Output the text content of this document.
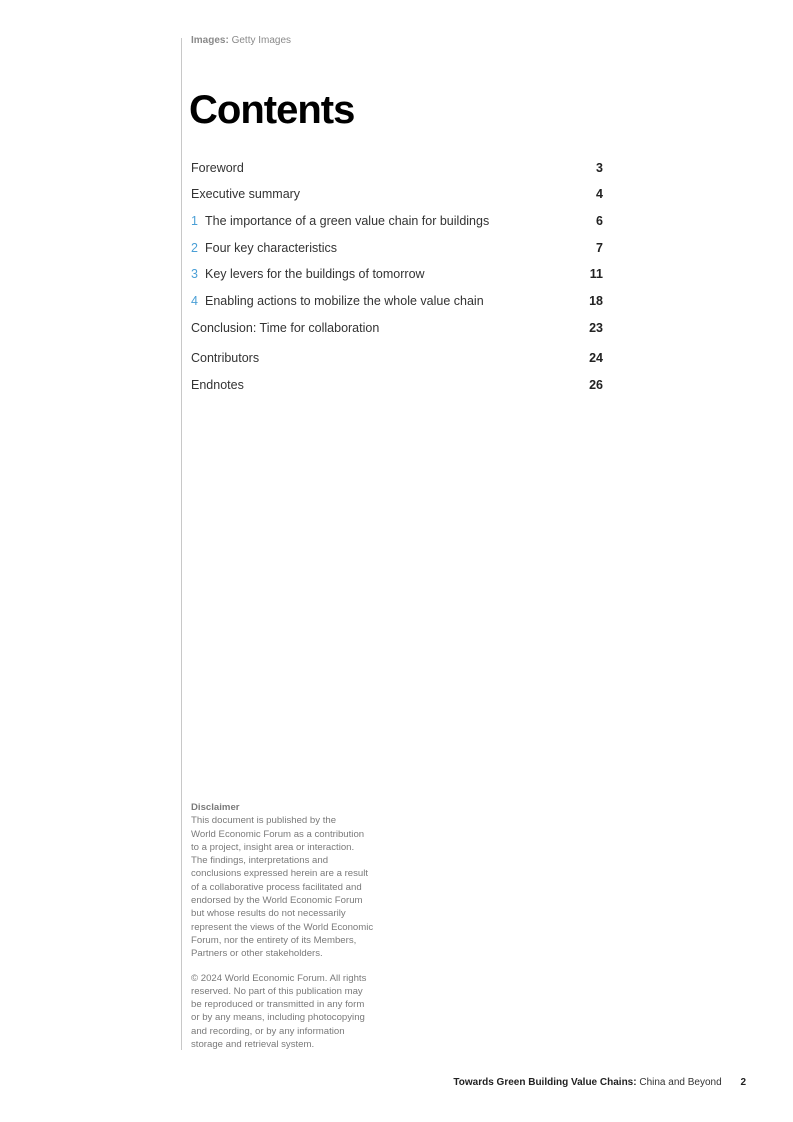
Images: Getty Images
Contents
Foreword	3
Executive summary	4
1 The importance of a green value chain for buildings	6
2 Four key characteristics	7
3 Key levers for the buildings of tomorrow	11
4 Enabling actions to mobilize the whole value chain	18
Conclusion: Time for collaboration	23
Contributors	24
Endnotes	26

Disclaimer

This document is published by the

World Economic Forum as a contribution

to a project, insight area or interaction.

The findings, interpretations and

conclusions expressed herein are a result

of a collaborative process facilitated and

endorsed by the World Economic Forum

but whose results do not necessarily

represent the views of the World Economic

Forum, nor the entirety of its Members,

Partners or other stakeholders.

© 2024 World Economic Forum. All rights

reserved. No part of this publication may

be reproduced or transmitted in any form

or by any means, including photocopying

and recording, or by any information

storage and retrieval system.

Towards Green Building Value Chains: China and Beyond 2
